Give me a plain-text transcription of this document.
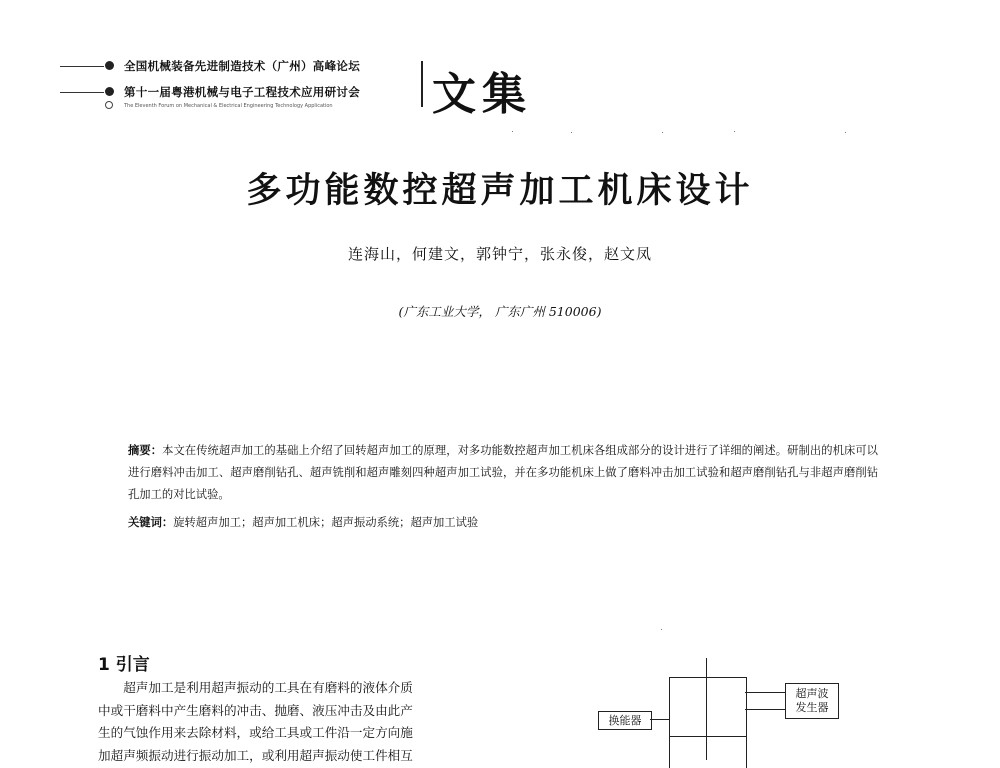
全国机械装备先进制造技术（广州）高峰论坛
第十一届粤港机械与电子工程技术应用研讨会
The Eleventh Forum on Mechanical & Electrical Engineering Technology Application 文集
多功能数控超声加工机床设计
连海山，何建文，郭钟宁，张永俊，赵文凤
(广东工业大学， 广东广州 510006)
摘要：本文在传统超声加工的基础上介绍了回转超声加工的原理，对多功能数控超声加工机床各组成部分的设计进行了详细的阐述。研制出的机床可以进行磨料冲击加工、超声磨削钻孔、超声铣削和超声雕刻四种超声加工试验，并在多功能机床上做了磨料冲击加工试验和超声磨削钻孔与非超声磨削钻孔加工的对比试验。
关键词：旋转超声加工；超声加工机床；超声振动系统；超声加工试验
1 引言

超声加工是利用超声振动的工具在有磨料的液体介质

中或干磨料中产生磨料的冲击、抛磨、液压冲击及由此产

生的气蚀作用来去除材料，或给工具或工件沿一定方向施

加超声频振动进行振动加工，或利用超声振动使工件相互

超声波
发生器
换能器
